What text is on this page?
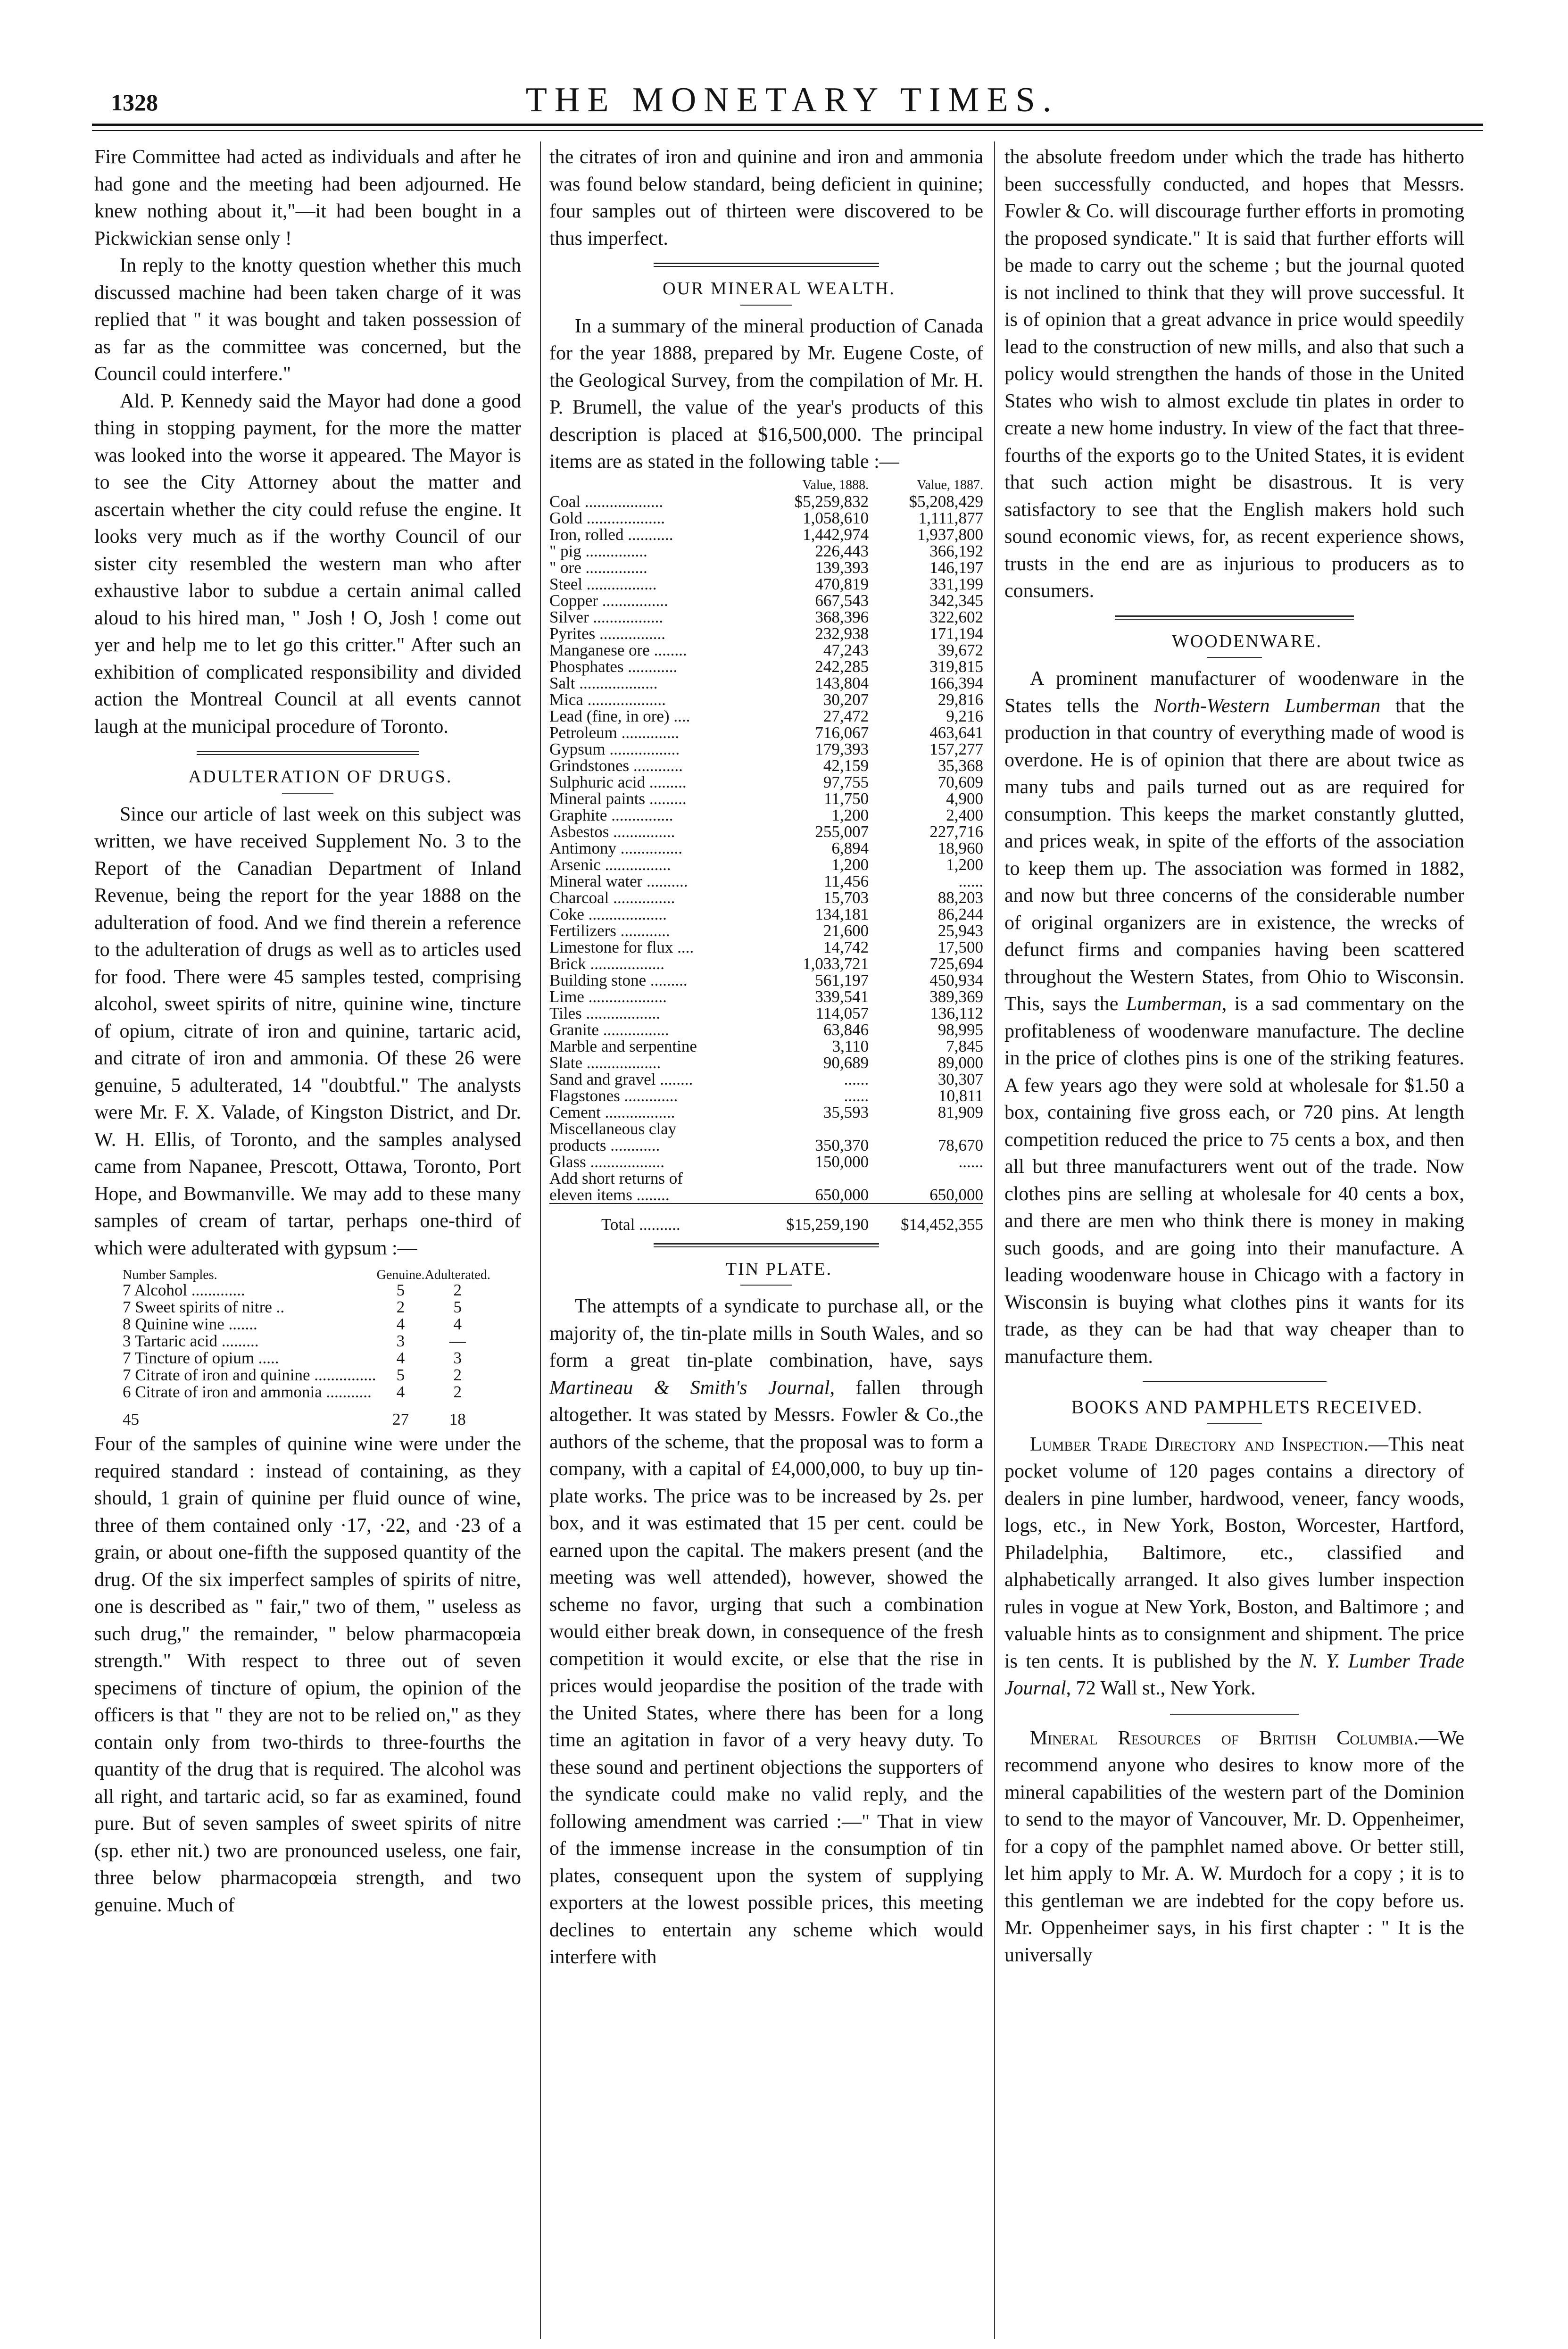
1328	THE MONETARY TIMES.

Fire Committee had acted as individuals and after he had gone and the meeting had been adjourned. He knew nothing about it,"—it had been bought in a Pickwickian sense only !

In reply to the knotty question whether this much discussed machine had been taken charge of it was replied that " it was bought and taken possession of as far as the committee was concerned, but the Council could interfere."

Ald. P. Kennedy said the Mayor had done a good thing in stopping payment, for the more the matter was looked into the worse it appeared. The Mayor is to see the City Attorney about the matter and ascertain whether the city could refuse the engine. It looks very much as if the worthy Council of our sister city resembled the western man who after exhaustive labor to subdue a certain animal called aloud to his hired man, " Josh ! O, Josh ! come out yer and help me to let go this critter." After such an exhibition of complicated responsibility and divided action the Montreal Council at all events cannot laugh at the municipal procedure of Toronto.

ADULTERATION OF DRUGS.

Since our article of last week on this subject was written, we have received Supplement No. 3 to the Report of the Canadian Department of Inland Revenue, being the report for the year 1888 on the adulteration of food. And we find therein a reference to the adulteration of drugs as well as to articles used for food. There were 45 samples tested, comprising alcohol, sweet spirits of nitre, quinine wine, tincture of opium, citrate of iron and quinine, tartaric acid, and citrate of iron and ammonia. Of these 26 were genuine, 5 adulterated, 14 "doubtful." The analysts were Mr. F. X. Valade, of Kingston District, and Dr. W. H. Ellis, of Toronto, and the samples analysed came from Napanee, Prescott, Ottawa, Toronto, Port Hope, and Bowmanville. We may add to these many samples of cream of tartar, perhaps one-third of which were adulterated with gypsum :—

Number Samples.	Genuine.	Adulterated.
7 Alcohol .............	5	2
7 Sweet spirits of nitre ..	2	5
8 Quinine wine .......	4	4
3 Tartaric acid .........	3	—
7 Tincture of opium .....	4	3
7 Citrate of iron and quinine ...............	5	2
6 Citrate of iron and ammonia ...........	4	2
45	27	18

Four of the samples of quinine wine were under the required standard : instead of containing, as they should, 1 grain of quinine per fluid ounce of wine, three of them contained only ·17, ·22, and ·23 of a grain, or about one-fifth the supposed quantity of the drug. Of the six imperfect samples of spirits of nitre, one is described as " fair," two of them, " useless as such drug," the remainder, " below pharmacopœia strength." With respect to three out of seven specimens of tincture of opium, the opinion of the officers is that " they are not to be relied on," as they contain only from two-thirds to three-fourths the quantity of the drug that is required. The alcohol was all right, and tartaric acid, so far as examined, found pure. But of seven samples of sweet spirits of nitre (sp. ether nit.) two are pronounced useless, one fair, three below pharmacopœia strength, and two genuine. Much of

the citrates of iron and quinine and iron and ammonia was found below standard, being deficient in quinine; four samples out of thirteen were discovered to be thus imperfect.

OUR MINERAL WEALTH.

In a summary of the mineral production of Canada for the year 1888, prepared by Mr. Eugene Coste, of the Geological Survey, from the compilation of Mr. H. P. Brumell, the value of the year's products of this description is placed at $16,500,000. The principal items are as stated in the following table :—

	Value, 1888.	Value, 1887.
Coal ...................	$5,259,832	$5,208,429
Gold ...................	1,058,610	1,111,877
Iron, rolled ...........	1,442,974	1,937,800
" pig ...............	226,443	366,192
" ore ...............	139,393	146,197
Steel .................	470,819	331,199
Copper ................	667,543	342,345
Silver .................	368,396	322,602
Pyrites ................	232,938	171,194
Manganese ore ........	47,243	39,672
Phosphates ............	242,285	319,815
Salt ...................	143,804	166,394
Mica ...................	30,207	29,816
Lead (fine, in ore) ....	27,472	9,216
Petroleum ..............	716,067	463,641
Gypsum .................	179,393	157,277
Grindstones ............	42,159	35,368
Sulphuric acid .........	97,755	70,609
Mineral paints .........	11,750	4,900
Graphite ...............	1,200	2,400
Asbestos ...............	255,007	227,716
Antimony ...............	6,894	18,960
Arsenic ................	1,200	1,200
Mineral water ..........	11,456	......
Charcoal ...............	15,703	88,203
Coke ...................	134,181	86,244
Fertilizers ............	21,600	25,943
Limestone for flux ....	14,742	17,500
Brick ..................	1,033,721	725,694
Building stone .........	561,197	450,934
Lime ...................	339,541	389,369
Tiles ..................	114,057	136,112
Granite ................	63,846	98,995
Marble and serpentine	3,110	7,845
Slate ..................	90,689	89,000
Sand and gravel ........	......	30,307
Flagstones .............	......	10,811
Cement .................	35,593	81,909
Miscellaneous clay		
products ............	350,370	78,670
Glass ..................	150,000	......
Add short returns of		
eleven items ........	650,000	650,000
Total ..........	$15,259,190	$14,452,355

TIN PLATE.

The attempts of a syndicate to purchase all, or the majority of, the tin-plate mills in South Wales, and so form a great tin-plate combination, have, says Martineau & Smith's Journal, fallen through altogether. It was stated by Messrs. Fowler & Co.,the authors of the scheme, that the proposal was to form a company, with a capital of £4,000,000, to buy up tin-plate works. The price was to be increased by 2s. per box, and it was estimated that 15 per cent. could be earned upon the capital. The makers present (and the meeting was well attended), however, showed the scheme no favor, urging that such a combination would either break down, in consequence of the fresh competition it would excite, or else that the rise in prices would jeopardise the position of the trade with the United States, where there has been for a long time an agitation in favor of a very heavy duty. To these sound and pertinent objections the supporters of the syndicate could make no valid reply, and the following amendment was carried :—" That in view of the immense increase in the consumption of tin plates, consequent upon the system of supplying exporters at the lowest possible prices, this meeting declines to entertain any scheme which would interfere with

the absolute freedom under which the trade has hitherto been successfully conducted, and hopes that Messrs. Fowler & Co. will discourage further efforts in promoting the proposed syndicate." It is said that further efforts will be made to carry out the scheme ; but the journal quoted is not inclined to think that they will prove successful. It is of opinion that a great advance in price would speedily lead to the construction of new mills, and also that such a policy would strengthen the hands of those in the United States who wish to almost exclude tin plates in order to create a new home industry. In view of the fact that three-fourths of the exports go to the United States, it is evident that such action might be disastrous. It is very satisfactory to see that the English makers hold such sound economic views, for, as recent experience shows, trusts in the end are as injurious to producers as to consumers.

WOODENWARE.

A prominent manufacturer of woodenware in the States tells the North-Western Lumberman that the production in that country of everything made of wood is overdone. He is of opinion that there are about twice as many tubs and pails turned out as are required for consumption. This keeps the market constantly glutted, and prices weak, in spite of the efforts of the association to keep them up. The association was formed in 1882, and now but three concerns of the considerable number of original organizers are in existence, the wrecks of defunct firms and companies having been scattered throughout the Western States, from Ohio to Wisconsin. This, says the Lumberman, is a sad commentary on the profitableness of woodenware manufacture. The decline in the price of clothes pins is one of the striking features. A few years ago they were sold at wholesale for $1.50 a box, containing five gross each, or 720 pins. At length competition reduced the price to 75 cents a box, and then all but three manufacturers went out of the trade. Now clothes pins are selling at wholesale for 40 cents a box, and there are men who think there is money in making such goods, and are going into their manufacture. A leading woodenware house in Chicago with a factory in Wisconsin is buying what clothes pins it wants for its trade, as they can be had that way cheaper than to manufacture them.

BOOKS AND PAMPHLETS RECEIVED.

Lumber Trade Directory and Inspection.—This neat pocket volume of 120 pages contains a directory of dealers in pine lumber, hardwood, veneer, fancy woods, logs, etc., in New York, Boston, Worcester, Hartford, Philadelphia, Baltimore, etc., classified and alphabetically arranged. It also gives lumber inspection rules in vogue at New York, Boston, and Baltimore ; and valuable hints as to consignment and shipment. The price is ten cents. It is published by the N. Y. Lumber Trade Journal, 72 Wall st., New York.

Mineral Resources of British Columbia.—We recommend anyone who desires to know more of the mineral capabilities of the western part of the Dominion to send to the mayor of Vancouver, Mr. D. Oppenheimer, for a copy of the pamphlet named above. Or better still, let him apply to Mr. A. W. Murdoch for a copy ; it is to this gentleman we are indebted for the copy before us. Mr. Oppenheimer says, in his first chapter : " It is the universally
